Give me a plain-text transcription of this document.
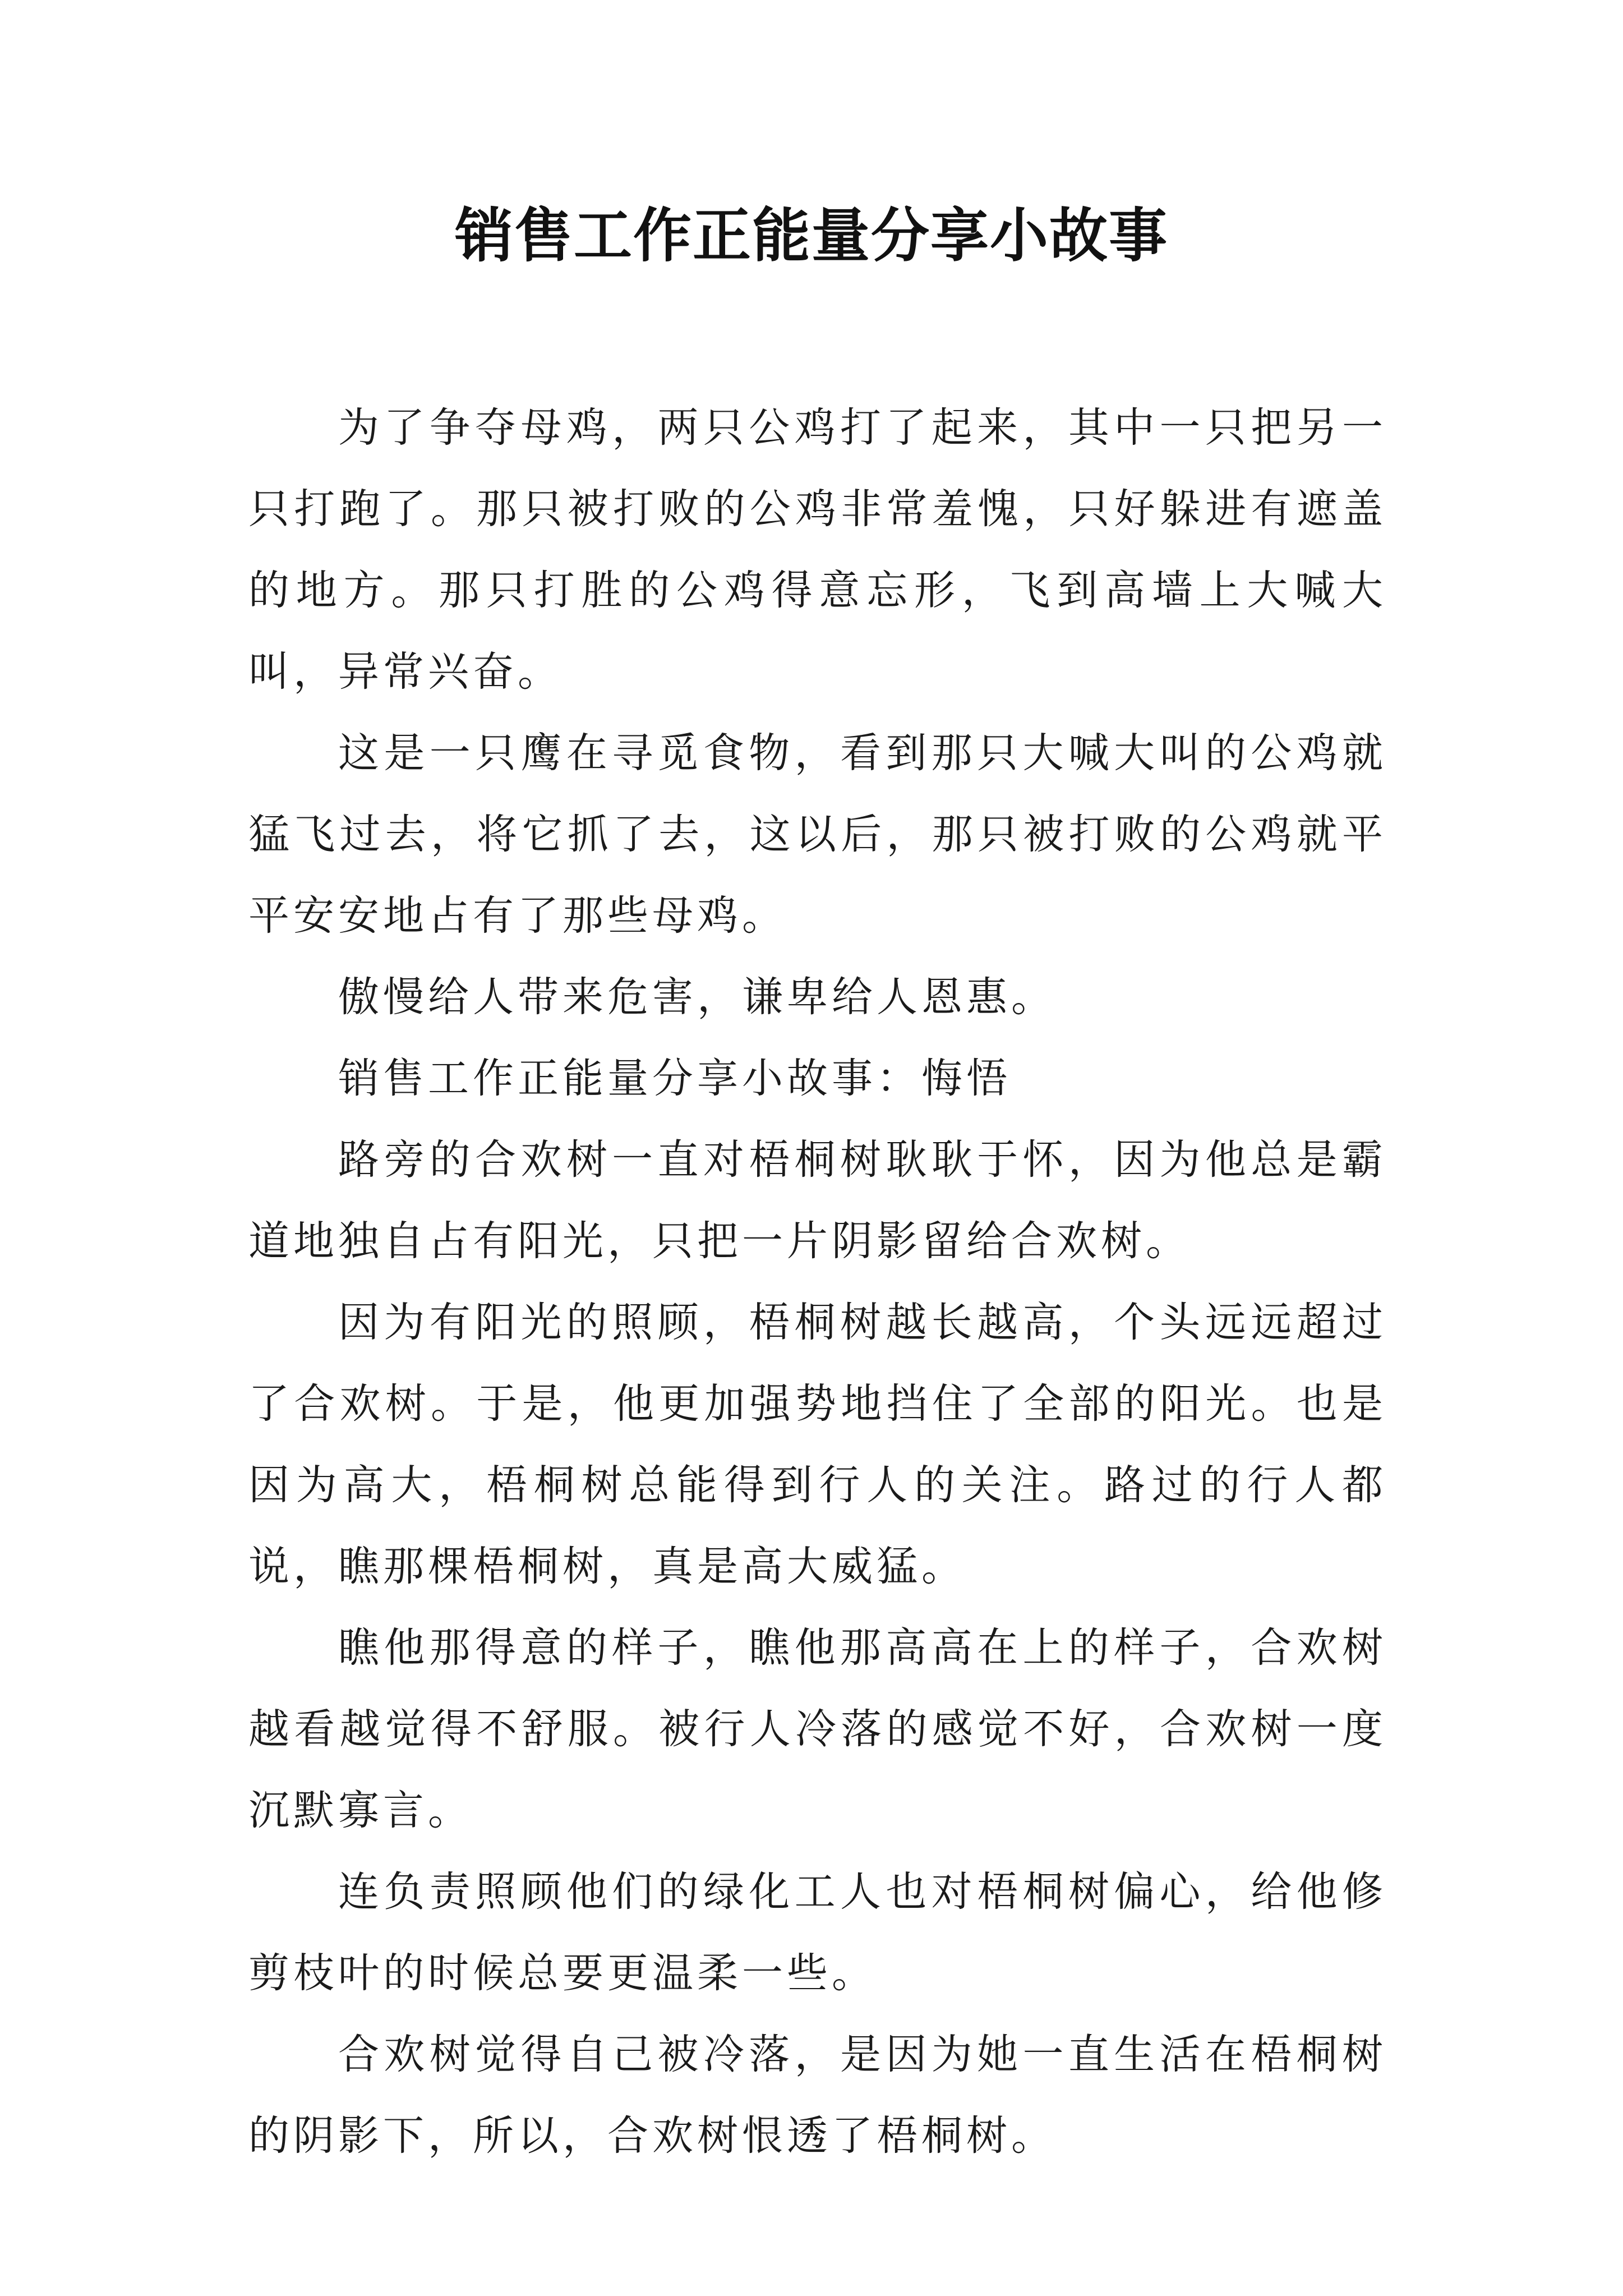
销售工作正能量分享小故事

为了争夺母鸡，两只公鸡打了起来，其中一只把另一只打跑了。那只被打败的公鸡非常羞愧，只好躲进有遮盖的地方。那只打胜的公鸡得意忘形，飞到高墙上大喊大叫，异常兴奋。

这是一只鹰在寻觅食物，看到那只大喊大叫的公鸡就猛飞过去，将它抓了去，这以后，那只被打败的公鸡就平平安安地占有了那些母鸡。

傲慢给人带来危害，谦卑给人恩惠。

销售工作正能量分享小故事：悔悟

路旁的合欢树一直对梧桐树耿耿于怀，因为他总是霸道地独自占有阳光，只把一片阴影留给合欢树。

因为有阳光的照顾，梧桐树越长越高，个头远远超过了合欢树。于是，他更加强势地挡住了全部的阳光。也是因为高大，梧桐树总能得到行人的关注。路过的行人都说，瞧那棵梧桐树，真是高大威猛。

瞧他那得意的样子，瞧他那高高在上的样子，合欢树越看越觉得不舒服。被行人冷落的感觉不好，合欢树一度沉默寡言。

连负责照顾他们的绿化工人也对梧桐树偏心，给他修剪枝叶的时候总要更温柔一些。

合欢树觉得自己被冷落，是因为她一直生活在梧桐树的阴影下，所以，合欢树恨透了梧桐树。
